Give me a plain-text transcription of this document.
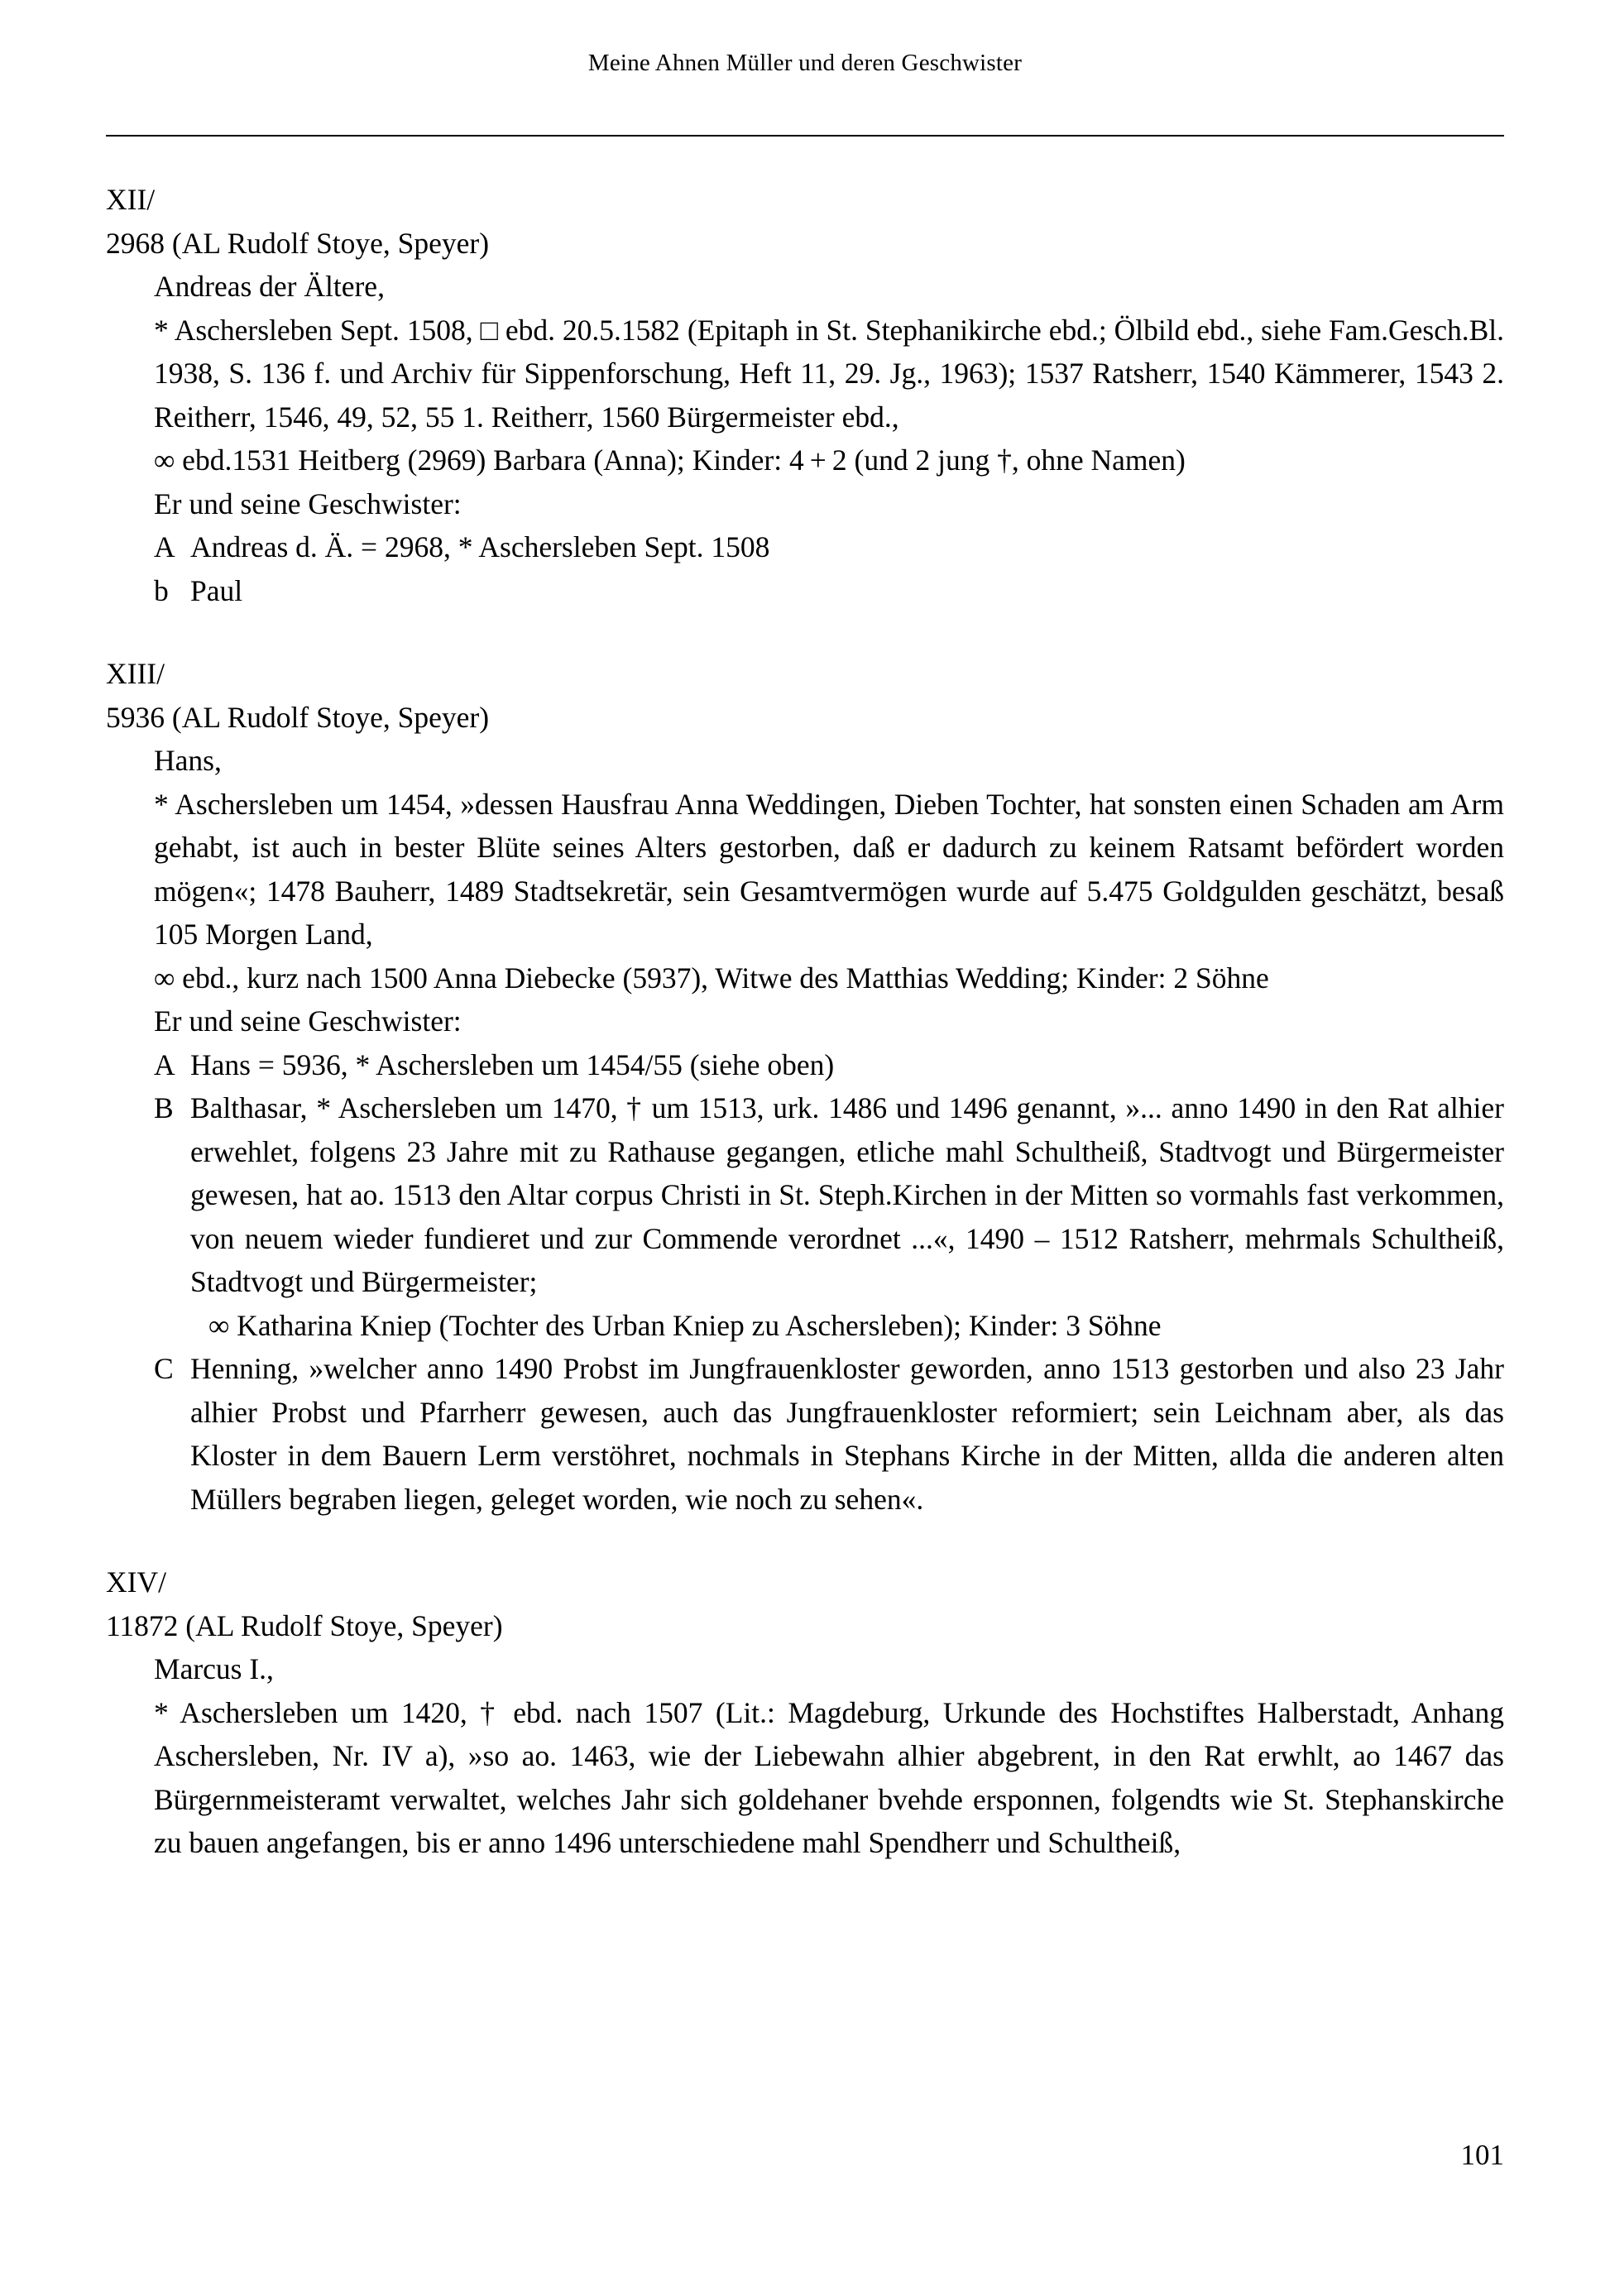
Meine Ahnen Müller und deren Geschwister
XII/
2968 (AL Rudolf Stoye, Speyer)
Andreas der Ältere,
* Aschersleben Sept. 1508, □ ebd. 20.5.1582 (Epitaph in St. Stephanikirche ebd.; Ölbild ebd., siehe Fam.Gesch.Bl. 1938, S. 136 f. und Archiv für Sippenforschung, Heft 11, 29. Jg., 1963); 1537 Ratsherr, 1540 Kämmerer, 1543 2. Reitherr, 1546, 49, 52, 55 1. Reitherr, 1560 Bürgermeister ebd.,
∞ ebd.1531 Heitberg (2969) Barbara (Anna); Kinder: 4 + 2 (und 2 jung †, ohne Namen)
Er und seine Geschwister:
A Andreas d. Ä. = 2968, * Aschersleben Sept. 1508
b Paul
XIII/
5936 (AL Rudolf Stoye, Speyer)
Hans,
* Aschersleben um 1454, »dessen Hausfrau Anna Weddingen, Dieben Tochter, hat sonsten einen Schaden am Arm gehabt, ist auch in bester Blüte seines Alters gestorben, daß er dadurch zu keinem Ratsamt befördert worden mögen«; 1478 Bauherr, 1489 Stadtsekretär, sein Gesamtvermögen wurde auf 5.475 Goldgulden geschätzt, besaß 105 Morgen Land,
∞ ebd., kurz nach 1500 Anna Diebecke (5937), Witwe des Matthias Wedding; Kinder: 2 Söhne
Er und seine Geschwister:
A Hans = 5936, * Aschersleben um 1454/55 (siehe oben)
B Balthasar, * Aschersleben um 1470, † um 1513, urk. 1486 und 1496 genannt, »... anno 1490 in den Rat alhier erwehlet, folgens 23 Jahre mit zu Rathause gegangen, etliche mahl Schultheiß, Stadtvogt und Bürgermeister gewesen, hat ao. 1513 den Altar corpus Christi in St. Steph.Kirchen in der Mitten so vormahls fast verkommen, von neuem wieder fundieret und zur Commende verordnet ...«, 1490 – 1512 Ratsherr, mehrmals Schultheiß, Stadtvogt und Bürgermeister;
∞ Katharina Kniep (Tochter des Urban Kniep zu Aschersleben); Kinder: 3 Söhne
C Henning, »welcher anno 1490 Probst im Jungfrauenkloster geworden, anno 1513 gestorben und also 23 Jahr alhier Probst und Pfarrherr gewesen, auch das Jungfrauenkloster reformiert; sein Leichnam aber, als das Kloster in dem Bauern Lerm verstöhret, nochmals in Stephans Kirche in der Mitten, allda die anderen alten Müllers begraben liegen, geleget worden, wie noch zu sehen«.
XIV/
11872 (AL Rudolf Stoye, Speyer)
Marcus I.,
* Aschersleben um 1420, † ebd. nach 1507 (Lit.: Magdeburg, Urkunde des Hochstiftes Halberstadt, Anhang Aschersleben, Nr. IV a), »so ao. 1463, wie der Liebewahn alhier abgebrent, in den Rat erwhlt, ao 1467 das Bürgernmeisteramt verwaltet, welches Jahr sich goldehaner bvehde ersponnen, folgendts wie St. Stephanskirche zu bauen angefangen, bis er anno 1496 unterschiedene mahl Spendherr und Schultheiß,
101
